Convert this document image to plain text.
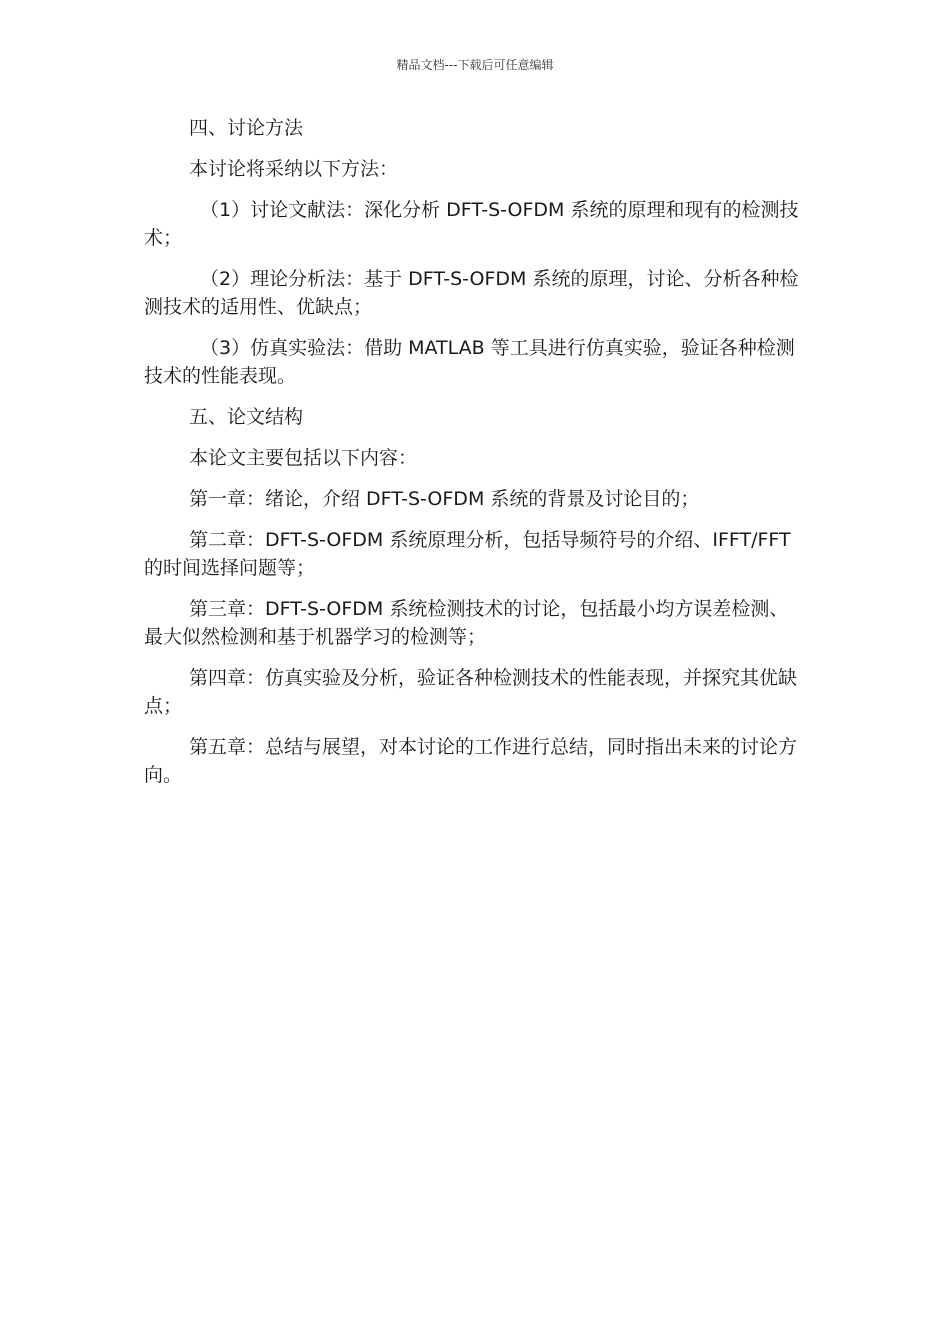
精品文档---下载后可任意编辑

四、讨论方法

本讨论将采纳以下方法：

（1）讨论文献法：深化分析 DFT-S-OFDM 系统的原理和现有的检测技术；

（2）理论分析法：基于 DFT-S-OFDM 系统的原理，讨论、分析各种检测技术的适用性、优缺点；

（3）仿真实验法：借助 MATLAB 等工具进行仿真实验，验证各种检测技术的性能表现。

五、论文结构

本论文主要包括以下内容：

第一章：绪论，介绍 DFT-S-OFDM 系统的背景及讨论目的；

第二章：DFT-S-OFDM 系统原理分析，包括导频符号的介绍、IFFT/FFT 的时间选择问题等；

第三章：DFT-S-OFDM 系统检测技术的讨论，包括最小均方误差检测、最大似然检测和基于机器学习的检测等；

第四章：仿真实验及分析，验证各种检测技术的性能表现，并探究其优缺点；

第五章：总结与展望，对本讨论的工作进行总结，同时指出未来的讨论方向。
